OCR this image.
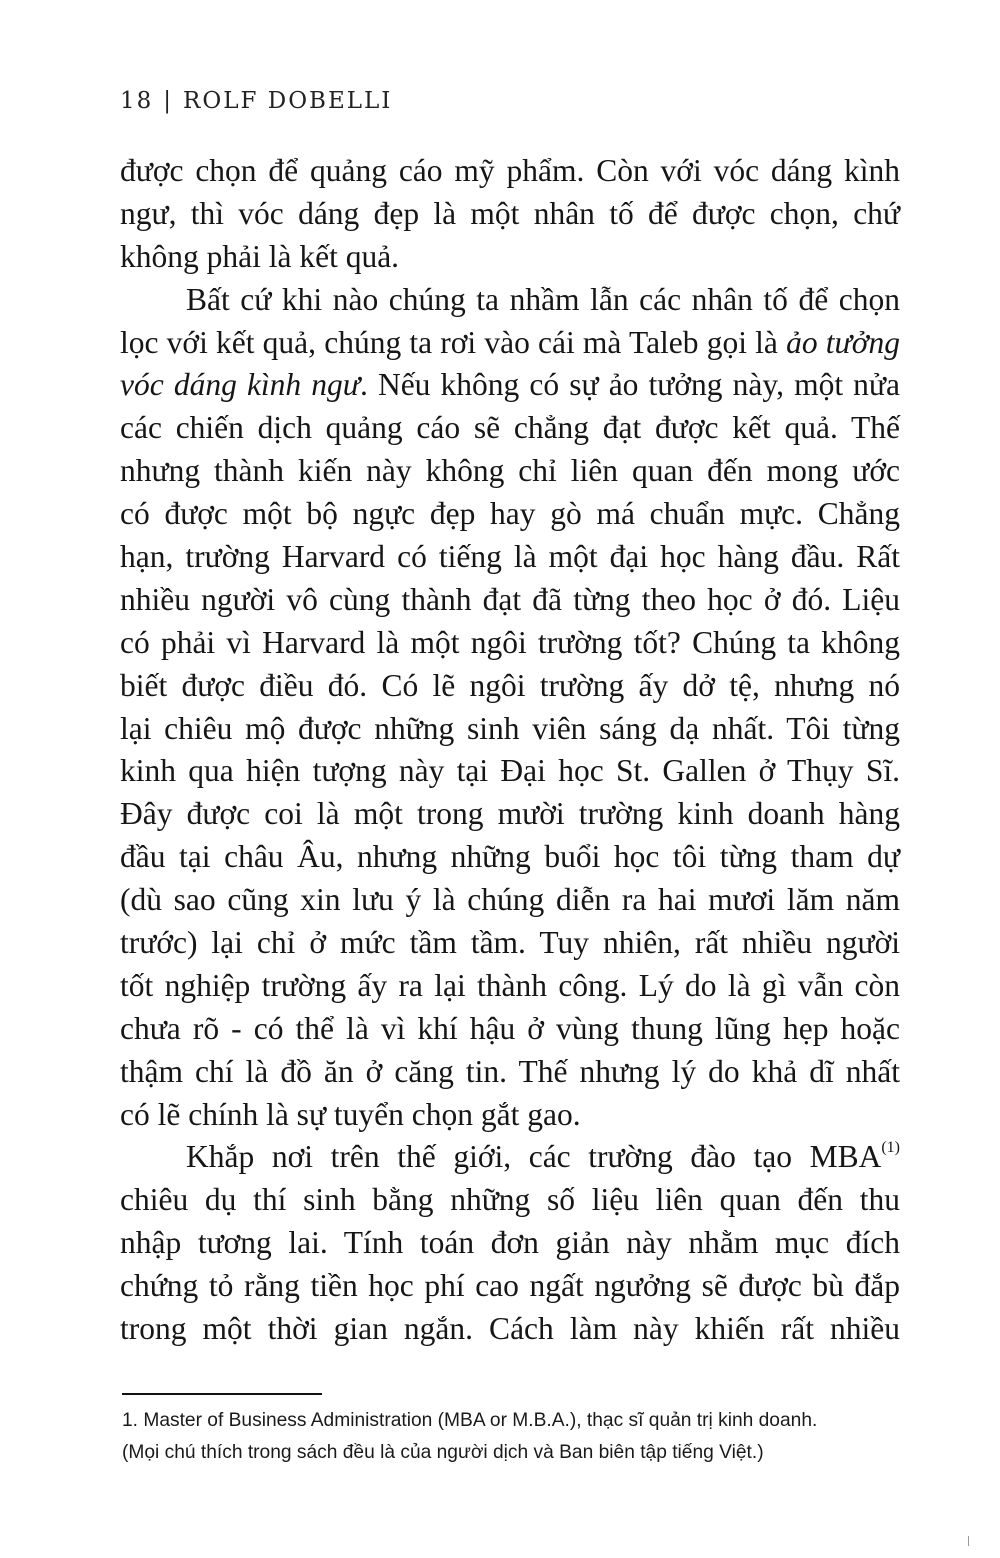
18 | ROLF DOBELLI
được chọn để quảng cáo mỹ phẩm. Còn với vóc dáng kình
ngư, thì vóc dáng đẹp là một nhân tố để được chọn, chứ
không phải là kết quả.
Bất cứ khi nào chúng ta nhầm lẫn các nhân tố để chọn
lọc với kết quả, chúng ta rơi vào cái mà Taleb gọi là ảo tưởng
vóc dáng kình ngư. Nếu không có sự ảo tưởng này, một nửa
các chiến dịch quảng cáo sẽ chẳng đạt được kết quả. Thế
nhưng thành kiến này không chỉ liên quan đến mong ước
có được một bộ ngực đẹp hay gò má chuẩn mực. Chẳng
hạn, trường Harvard có tiếng là một đại học hàng đầu. Rất
nhiều người vô cùng thành đạt đã từng theo học ở đó. Liệu
có phải vì Harvard là một ngôi trường tốt? Chúng ta không
biết được điều đó. Có lẽ ngôi trường ấy dở tệ, nhưng nó
lại chiêu mộ được những sinh viên sáng dạ nhất. Tôi từng
kinh qua hiện tượng này tại Đại học St. Gallen ở Thụy Sĩ.
Đây được coi là một trong mười trường kinh doanh hàng
đầu tại châu Âu, nhưng những buổi học tôi từng tham dự
(dù sao cũng xin lưu ý là chúng diễn ra hai mươi lăm năm
trước) lại chỉ ở mức tầm tầm. Tuy nhiên, rất nhiều người
tốt nghiệp trường ấy ra lại thành công. Lý do là gì vẫn còn
chưa rõ - có thể là vì khí hậu ở vùng thung lũng hẹp hoặc
thậm chí là đồ ăn ở căng tin. Thế nhưng lý do khả dĩ nhất
có lẽ chính là sự tuyển chọn gắt gao.
Khắp nơi trên thế giới, các trường đào tạo MBA$^{(1)}$
chiêu dụ thí sinh bằng những số liệu liên quan đến thu
nhập tương lai. Tính toán đơn giản này nhằm mục đích
chứng tỏ rằng tiền học phí cao ngất ngưởng sẽ được bù đắp
trong một thời gian ngắn. Cách làm này khiến rất nhiều
1. Master of Business Administration (MBA or M.B.A.), thạc sĩ quản trị kinh doanh.
(Mọi chú thích trong sách đều là của người dịch và Ban biên tập tiếng Việt.)
